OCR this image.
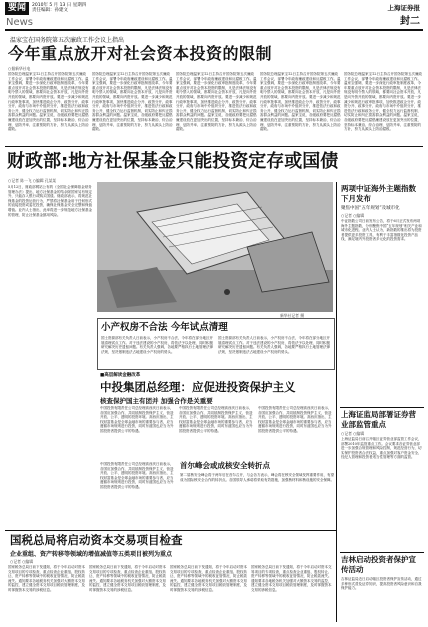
要闻	2010年 5 月 13 日 星期四
责任编辑：孙建文
News
上海证券报
封二
温家宝在国务院第五次廉政工作会议上指出
今年重点放开对社会资本投资的限制
○据新华社电
国务院总理温家宝12日主持召开国务院第五次廉政工作会议，部署今年政府廉政建设和反腐败工作。温家宝强调，要进一步深化行政审批制度改革，今年要重点放开对社会资本投资的限制，凡是法律法规没有明令禁入的领域，都要向社会资本开放，凡是向外资开放的领域，都要向内资开放。要进一步减少和规范行政审批事项，加快推进政企分开、政资分开、政事分开、政府与市场中介组织分开，推进依法行政和政务公开，健全权力运行监督机制，切实防止和纠正损害群众利益的问题。温家宝说，各级政府要把反腐倡廉建设放在更加突出的位置，坚持标本兼治、综合治理、惩防并举、注重预防的方针，努力从源头上防治腐败。
国务院总理温家宝12日主持召开国务院第五次廉政工作会议，部署今年政府廉政建设和反腐败工作。温家宝强调，要进一步深化行政审批制度改革，今年要重点放开对社会资本投资的限制，凡是法律法规没有明令禁入的领域，都要向社会资本开放，凡是向外资开放的领域，都要向内资开放。要进一步减少和规范行政审批事项，加快推进政企分开、政资分开、政事分开、政府与市场中介组织分开，推进依法行政和政务公开，健全权力运行监督机制，切实防止和纠正损害群众利益的问题。温家宝说，各级政府要把反腐倡廉建设放在更加突出的位置，坚持标本兼治、综合治理、惩防并举、注重预防的方针，努力从源头上防治腐败。
国务院总理温家宝12日主持召开国务院第五次廉政工作会议，部署今年政府廉政建设和反腐败工作。温家宝强调，要进一步深化行政审批制度改革，今年要重点放开对社会资本投资的限制，凡是法律法规没有明令禁入的领域，都要向社会资本开放，凡是向外资开放的领域，都要向内资开放。要进一步减少和规范行政审批事项，加快推进政企分开、政资分开、政事分开、政府与市场中介组织分开，推进依法行政和政务公开，健全权力运行监督机制，切实防止和纠正损害群众利益的问题。温家宝说，各级政府要把反腐倡廉建设放在更加突出的位置，坚持标本兼治、综合治理、惩防并举、注重预防的方针，努力从源头上防治腐败。
国务院总理温家宝12日主持召开国务院第五次廉政工作会议，部署今年政府廉政建设和反腐败工作。温家宝强调，要进一步深化行政审批制度改革，今年要重点放开对社会资本投资的限制，凡是法律法规没有明令禁入的领域，都要向社会资本开放，凡是向外资开放的领域，都要向内资开放。要进一步减少和规范行政审批事项，加快推进政企分开、政资分开、政事分开、政府与市场中介组织分开，推进依法行政和政务公开，健全权力运行监督机制，切实防止和纠正损害群众利益的问题。温家宝说，各级政府要把反腐倡廉建设放在更加突出的位置，坚持标本兼治、综合治理、惩防并举、注重预防的方针，努力从源头上防治腐败。
国务院总理温家宝12日主持召开国务院第五次廉政工作会议，部署今年政府廉政建设和反腐败工作。温家宝强调，要进一步深化行政审批制度改革，今年要重点放开对社会资本投资的限制，凡是法律法规没有明令禁入的领域，都要向社会资本开放，凡是向外资开放的领域，都要向内资开放。要进一步减少和规范行政审批事项，加快推进政企分开、政资分开、政事分开、政府与市场中介组织分开，推进依法行政和政务公开，健全权力运行监督机制，切实防止和纠正损害群众利益的问题。温家宝说，各级政府要把反腐倡廉建设放在更加突出的位置，坚持标本兼治、综合治理、惩防并举、注重预防的方针，努力从源头上防治腐败。
财政部:地方社保基金只能投资定存或国债
○记者 陈一飞 ○编辑 孔某某
5月12日，财政部网站公布的《全国社会保障基金财务管理办法》提出，地方社保基金的结余除国家另有规定外，只能存入银行或购买国债。财政部表示，将规范社保基金的投资运营行为，严禁将社保基金用于任何形式的直接投资或委托投资，确保社保基金安全完整和保值增值。业内人士指出，此举将进一步规范地方社保基金的管理，防止社保基金挪用风险。
新华社记者 摄
小产权房不合法 今年试点清理
国土资源部有关负责人日前表示，小产权房不合法，今年将在部分地区开展清理试点工作。对于违法建设的小产权房，将依法予以处理，同时积极研究解决历史遗留问题。有关负责人强调，各地要严格执行土地管理法律法规，坚决遏制违法占地建设小产权房的势头。
国土资源部有关负责人日前表示，小产权房不合法，今年将在部分地区开展清理试点工作。对于违法建设的小产权房，将依法予以处理，同时积极研究解决历史遗留问题。有关负责人强调，各地要严格执行土地管理法律法规，坚决遏制违法占地建设小产权房的势头。
■高层解读金融改革
中投集团总经理：应促进投资保护主义
核查保护国主有团并 加强合作是关重要
中国投资有限责任公司总经理高西庆日前表示，各国应加强合作，共同抵制投资保护主义，营造开放、公平、透明的投资环境。高西庆指出，主权财富基金是全球金融市场的重要参与者，应当遵循市场规则进行投资，同时东道国也应当为外国投资者提供公平的待遇。
中国投资有限责任公司总经理高西庆日前表示，各国应加强合作，共同抵制投资保护主义，营造开放、公平、透明的投资环境。高西庆指出，主权财富基金是全球金融市场的重要参与者，应当遵循市场规则进行投资，同时东道国也应当为外国投资者提供公平的待遇。
中国投资有限责任公司总经理高西庆日前表示，各国应加强合作，共同抵制投资保护主义，营造开放、公平、透明的投资环境。高西庆指出，主权财富基金是全球金融市场的重要参与者，应当遵循市场规则进行投资，同时东道国也应当为外国投资者提供公平的待遇。
首尔峰会或成核安全转折点
第二届核安全峰会将于两年后在首尔召开，与会各方表示，峰会将在核安全领域发挥重要作用，有望成为国际核安全合作的转折点。各国领导人承诺将采取有效措施，加强核材料和核设施的安全保障。
中国投资有限责任公司总经理高西庆日前表示，各国应加强合作，共同抵制投资保护主义，营造开放、公平、透明的投资环境。高西庆指出，主权财富基金是全球金融市场的重要参与者，应当遵循市场规则进行投资，同时东道国也应当为外国投资者提供公平的待遇。
国税总局将启动资本交易项目检查
企业重组、资产转移等领域的增值减值等五类项目被列为重点
○记者 ○编辑
国家税务总局日前下发通知，将于今年启动对资本交易项目的专项检查，重点检查企业重组、股权转让、资产转移等领域中的税收征管情况，防止税款流失。通知要求各地税务机关加强对大额资本交易的监控，建立健全资本交易项目税收管理制度，及时掌握资本交易的涉税信息。
国家税务总局日前下发通知，将于今年启动对资本交易项目的专项检查，重点检查企业重组、股权转让、资产转移等领域中的税收征管情况，防止税款流失。通知要求各地税务机关加强对大额资本交易的监控，建立健全资本交易项目税收管理制度，及时掌握资本交易的涉税信息。
国家税务总局日前下发通知，将于今年启动对资本交易项目的专项检查，重点检查企业重组、股权转让、资产转移等领域中的税收征管情况，防止税款流失。通知要求各地税务机关加强对大额资本交易的监控，建立健全资本交易项目税收管理制度，及时掌握资本交易的涉税信息。
国家税务总局日前下发通知，将于今年启动对资本交易项目的专项检查，重点检查企业重组、股权转让、资产转移等领域中的税收征管情况，防止税款流失。通知要求各地税务机关加强对大额资本交易的监控，建立健全资本交易项目税收管理制度，及时掌握资本交易的涉税信息。
两项中证海外主题指数下月发布
聚焦中国“五年规划”及城市化
○记者 ○编辑
中证指数公司日前发布公告，将于6月正式发布两项海外主题指数，分别聚焦中国“五年规划”相关产业和城市化进程。业内人士认为，新指数的推出将为投资者提供更多投资工具，有利于丰富指数化投资产品线，满足境内外投资者多元化的投资需求。
上海证监局部署证券营业部监管重点
○记者 ○编辑
上海证监局日前召开辖区证券营业部监管工作会议，部署2010年监管重点工作。会议要求各证券营业部进一步加强合规管理和风险控制，规范经营行为，切实保护投资者合法权益，重点加强对客户资金安全、经纪人管理和投资者适当性管理等方面的监管。
吉林启动投资者保护宣传活动
吉林证监局近日启动辖区投资者保护宣传活动，通过多种形式普及证券知识，提高投资者风险意识和自我保护能力。
